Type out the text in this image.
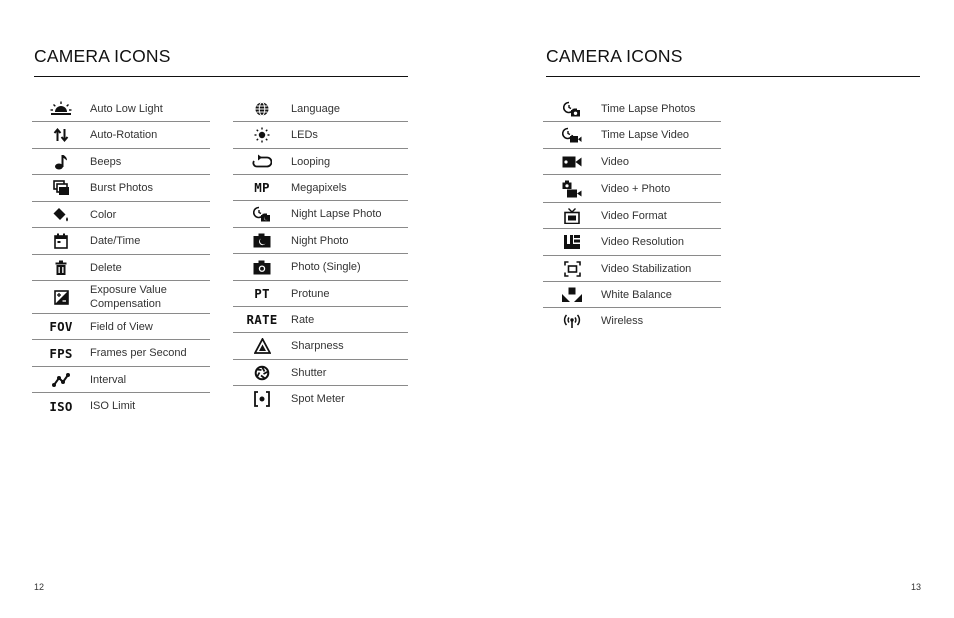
CAMERA ICONS
Auto Low Light
Auto-Rotation
Beeps
Burst Photos
Color
Date/Time
Delete
Exposure Value Compensation
FOV Field of View
FPS Frames per Second
Interval
ISO ISO Limit
Language
LEDs
Looping
MP Megapixels
Night Lapse Photo
Night Photo
Photo (Single)
PT Protune
RATE Rate
Sharpness
Shutter
Spot Meter
12
CAMERA ICONS
Time Lapse Photos
Time Lapse Video
Video
Video + Photo
Video Format
Video Resolution
Video Stabilization
White Balance
Wireless
13
